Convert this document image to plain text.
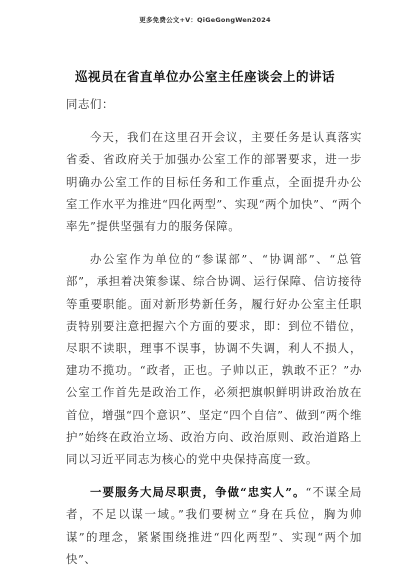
更多免费公文+V：QiGeGongWen2024
巡视员在省直单位办公室主任座谈会上的讲话

同志们：

今天，我们在这里召开会议，主要任务是认真落实省委、省政府关于加强办公室工作的部署要求，进一步明确办公室工作的目标任务和工作重点，全面提升办公室工作水平为推进“四化两型”、实现“两个加快”、“两个率先”提供坚强有力的服务保障。

办公室作为单位的“参谋部”、“协调部”、“总管部”，承担着决策参谋、综合协调、运行保障、信访接待等重要职能。面对新形势新任务，履行好办公室主任职责特别要注意把握六个方面的要求，即：到位不错位，尽职不读职，理事不误事，协调不失调，利人不损人，建功不揽功。“政者，正也。子帅以正，孰敢不正？”办公室工作首先是政治工作，必须把旗帜鲜明讲政治放在首位，增强“四个意识”、坚定“四个自信”、做到“两个维护”始终在政治立场、政治方向、政治原则、政治道路上同以习近平同志为核心的党中央保持高度一致。

一要服务大局尽职责，争做“忠实人”。“不谋全局者，不足以谋一域。”我们要树立“身在兵位，胸为帅谋”的理念，紧紧围绕推进“四化两型”、实现“两个加快”、
